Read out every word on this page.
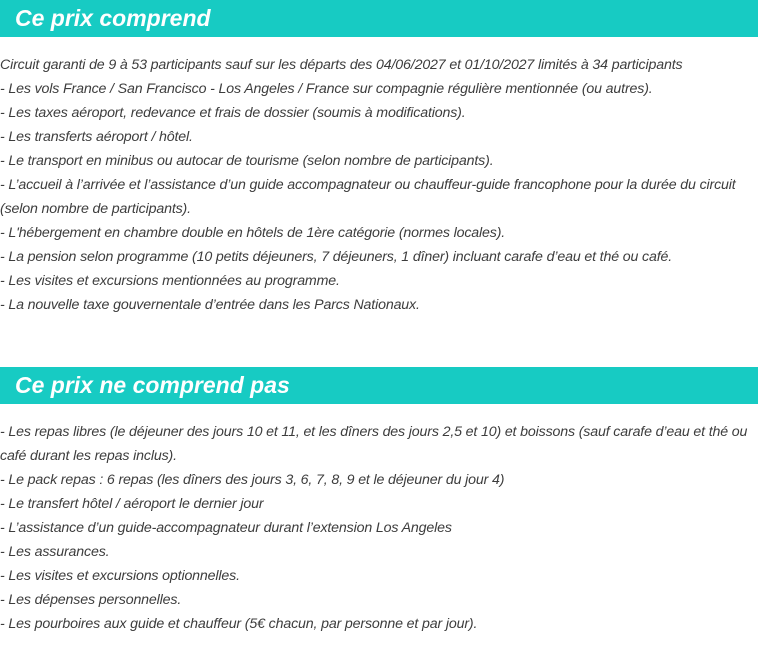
Ce prix comprend
Circuit garanti de 9 à 53 participants sauf sur les départs des 04/06/2027 et 01/10/2027 limités à 34 participants
- Les vols France / San Francisco - Los Angeles / France sur compagnie régulière mentionnée (ou autres).
- Les taxes aéroport, redevance et frais de dossier (soumis à modifications).
- Les transferts aéroport / hôtel.
- Le transport en minibus ou autocar de tourisme (selon nombre de participants).
- L’accueil à l’arrivée et l’assistance d’un guide accompagnateur ou chauffeur-guide francophone pour la durée du circuit (selon nombre de participants).
- L'hébergement en chambre double en hôtels de 1ère catégorie (normes locales).
- La pension selon programme (10 petits déjeuners, 7 déjeuners, 1 dîner) incluant carafe d’eau et thé ou café.
- Les visites et excursions mentionnées au programme.
- La nouvelle taxe gouvernentale d’entrée dans les Parcs Nationaux.
Ce prix ne comprend pas
- Les repas libres (le déjeuner des jours 10 et 11, et les dîners des jours 2,5 et 10) et boissons (sauf carafe d’eau et thé ou café durant les repas inclus).
- Le pack repas : 6 repas (les dîners des jours 3, 6, 7, 8, 9 et le déjeuner du jour 4)
- Le transfert hôtel / aéroport le dernier jour
- L’assistance d’un guide-accompagnateur durant l’extension Los Angeles
- Les assurances.
- Les visites et excursions optionnelles.
- Les dépenses personnelles.
- Les pourboires aux guide et chauffeur (5€ chacun, par personne et par jour).
